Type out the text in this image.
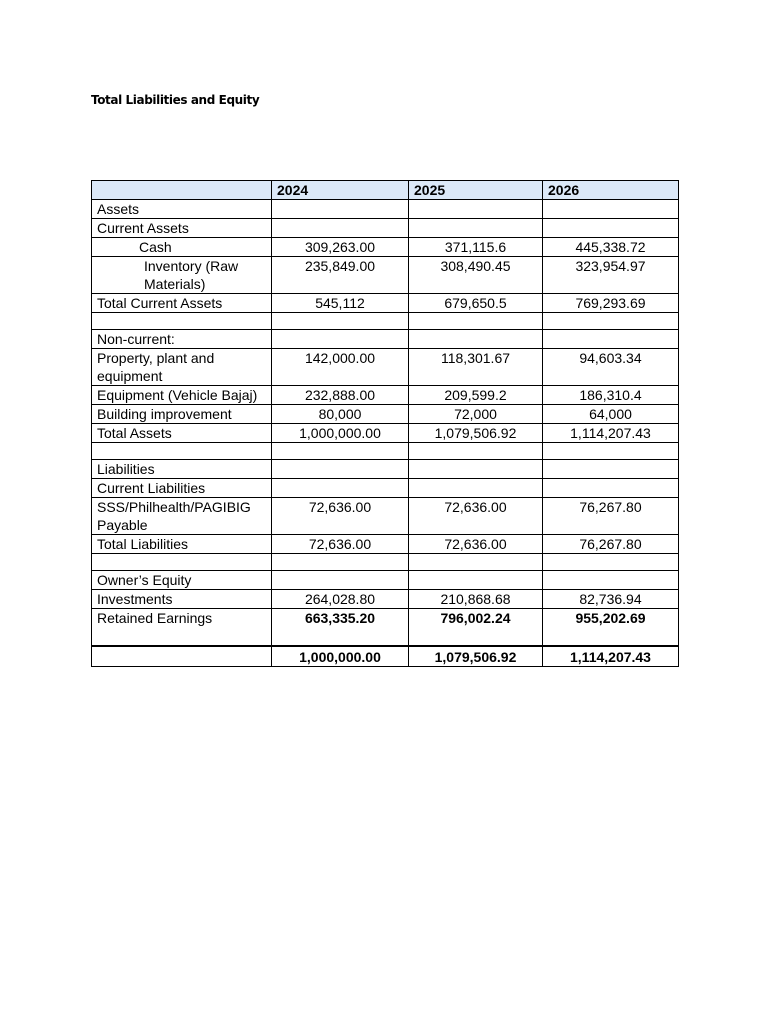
Total Liabilities and Equity
	2024	2025	2026
Assets			
Current Assets			
Cash	309,263.00	371,115.6	445,338.72

Inventory (Raw Materials)	235,849.00	308,490.45	323,954.97
Total Current Assets	545,112	679,650.5	769,293.69

Non-current:			
Property, plant and equipment	142,000.00	118,301.67	94,603.34
Equipment (Vehicle Bajaj)	232,888.00	209,599.2	186,310.4
Building improvement	80,000	72,000	64,000
Total Assets	1,000,000.00	1,079,506.92	1,114,207.43

Liabilities			
Current Liabilities			
SSS/Philhealth/PAGIBIG Payable	72,636.00	72,636.00	76,267.80
Total Liabilities	72,636.00	72,636.00	76,267.80

Owner’s Equity			
Investments	264,028.80	210,868.68	82,736.94
Retained Earnings	663,335.20	796,002.24	955,202.69
	1,000,000.00	1,079,506.92	1,114,207.43
